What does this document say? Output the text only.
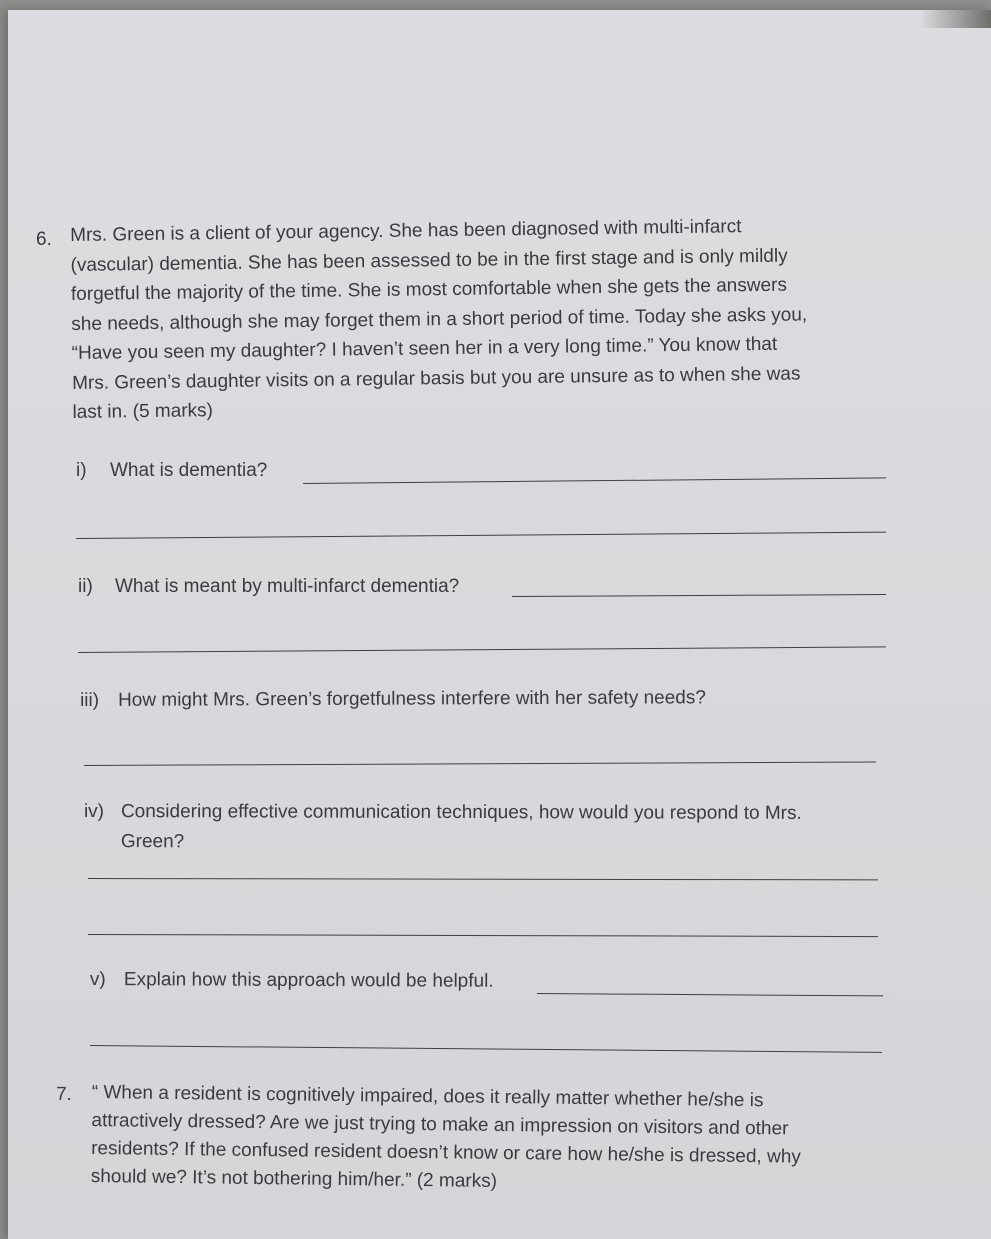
6. Mrs. Green is a client of your agency. She has been diagnosed with multi-infarct
(vascular) dementia. She has been assessed to be in the first stage and is only mildly
forgetful the majority of the time. She is most comfortable when she gets the answers
she needs, although she may forget them in a short period of time. Today she asks you,
“Have you seen my daughter? I haven’t seen her in a very long time.” You know that
Mrs. Green’s daughter visits on a regular basis but you are unsure as to when she was
last in. (5 marks)
i) What is dementia?
ii) What is meant by multi-infarct dementia?
iii) How might Mrs. Green’s forgetfulness interfere with her safety needs?
iv) Considering effective communication techniques, how would you respond to Mrs.
Green?
v) Explain how this approach would be helpful.
7. “ When a resident is cognitively impaired, does it really matter whether he/she is
attractively dressed? Are we just trying to make an impression on visitors and other
residents? If the confused resident doesn’t know or care how he/she is dressed, why
should we? It’s not bothering him/her.” (2 marks)
